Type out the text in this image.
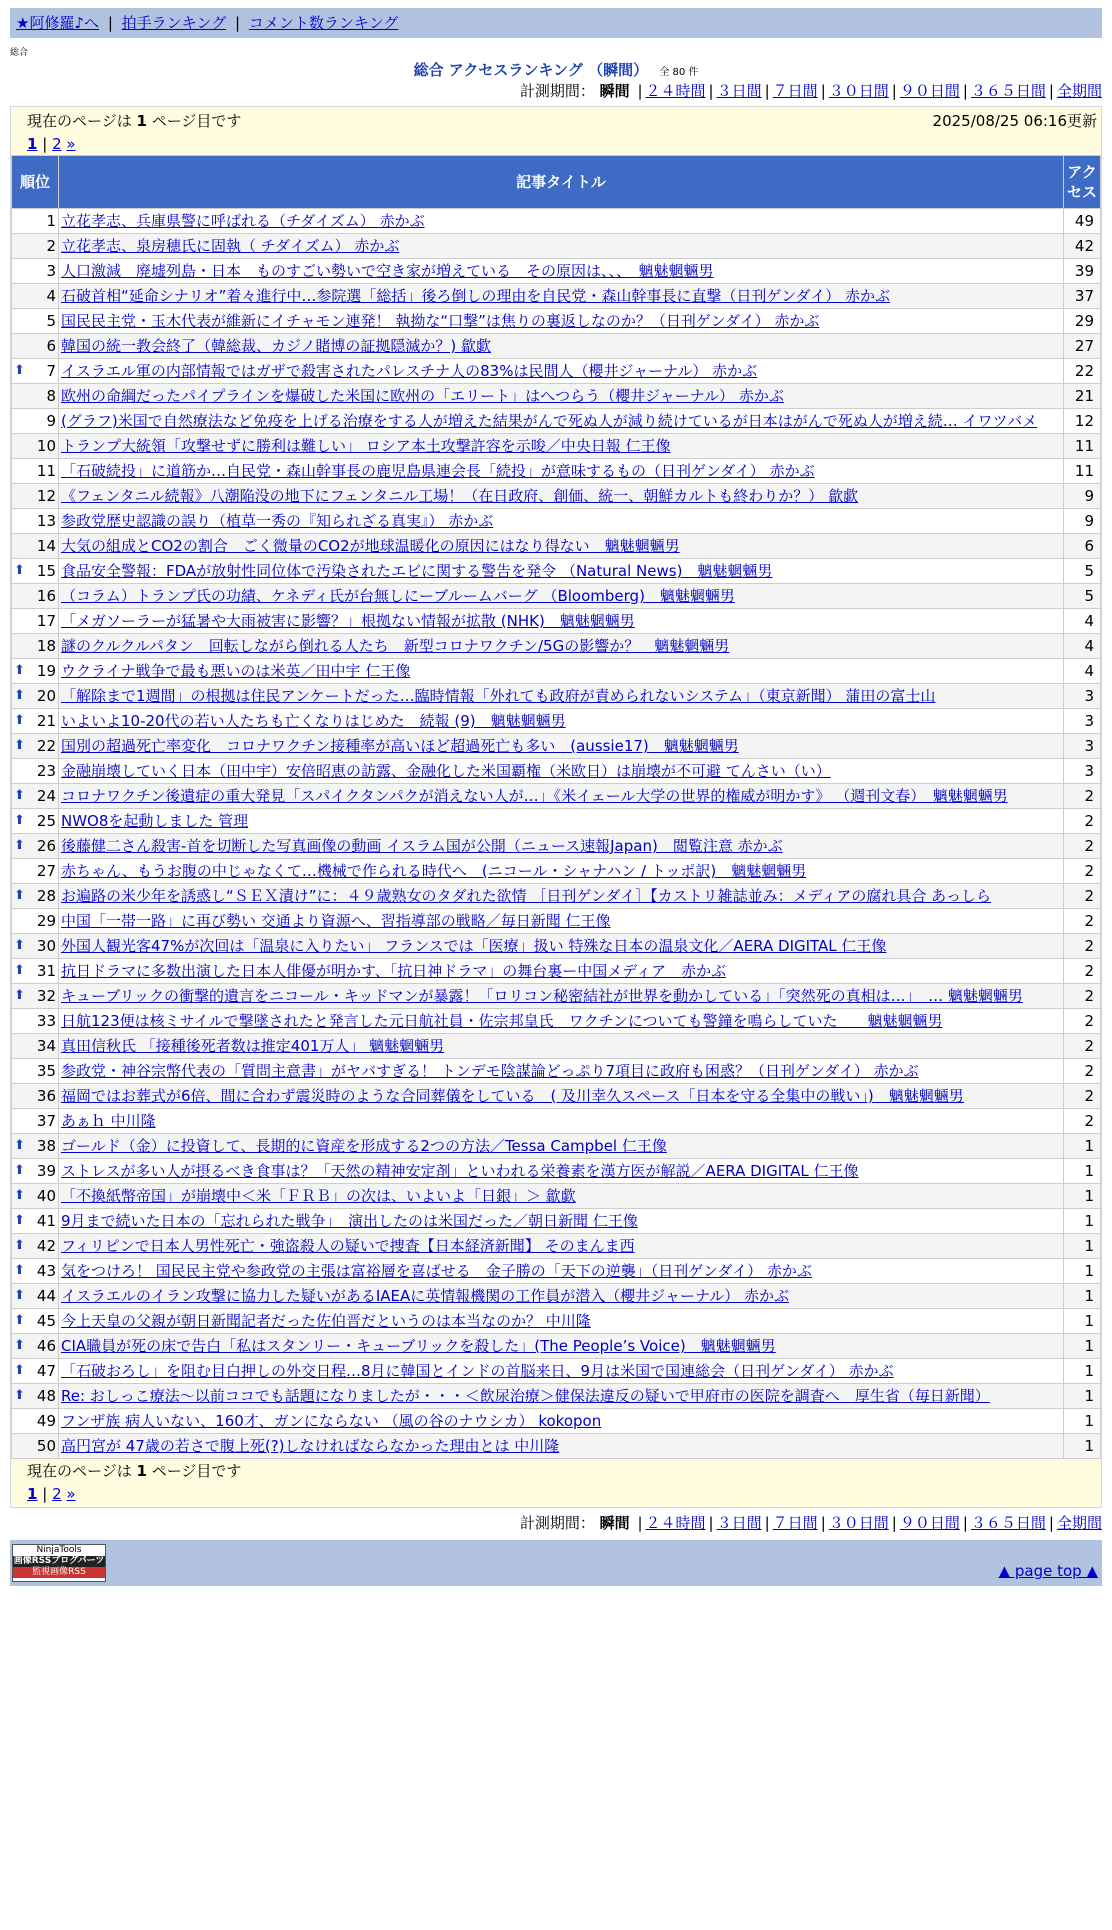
★阿修羅♪へ | 拍手ランキング | コメント数ランキング
総合
総合 アクセスランキング （瞬間） 全 80 件
計測期間： 瞬間 | ２４時間 | ３日間 | ７日間 | ３０日間 | ９０日間 | ３６５日間 | 全期間
現在のページは 1 ページ目です	2025/08/25 06:16更新
1 | 2 »
順位	記事タイトル	アクセス
1	立花孝志、兵庫県警に呼ばれる（チダイズム） 赤かぶ	49
2	立花孝志、泉房穂氏に固執（ チダイズム） 赤かぶ	42
3	人口激減　廃墟列島・日本　ものすごい勢いで空き家が増えている　その原因は、、、　魑魅魍魎男	39
4	石破首相“延命シナリオ”着々進行中…参院選「総括」後ろ倒しの理由を自民党・森山幹事長に直撃（日刊ゲンダイ） 赤かぶ	37
5	国民民主党・玉木代表が維新にイチャモン連発！ 執拗な“口撃”は焦りの裏返しなのか？（日刊ゲンダイ） 赤かぶ	29
6	韓国の統一教会終了（韓総裁、カジノ賭博の証拠隠滅か？) 歙歔	27

⬆ 7	イスラエル軍の内部情報ではガザで殺害されたパレスチナ人の83%は民間人（櫻井ジャーナル） 赤かぶ	22
8	欧州の命綱だったパイプラインを爆破した米国に欧州の「エリート」はへつらう（櫻井ジャーナル） 赤かぶ	21
9	(グラフ)米国で自然療法など免疫を上げる治療をする人が増えた結果がんで死ぬ人が減り続けているが日本はがんで死ぬ人が増え続… イワツバメ	12
10	トランプ大統領「攻撃せずに勝利は難しい」 ロシア本土攻撃許容を示唆／中央日報 仁王像	11
11	「石破続投」に道筋か…自民党・森山幹事長の鹿児島県連会長「続投」が意味するもの（日刊ゲンダイ） 赤かぶ	11
12	《フェンタニル続報》八潮陥没の地下にフェンタニル工場！（在日政府、創価、統一、朝鮮カルトも終わりか？） 歙歔	9
13	参政党歴史認識の誤り（植草一秀の『知られざる真実』） 赤かぶ	9
14	大気の組成とCO2の割合　ごく微量のCO2が地球温暖化の原因にはなり得ない　魑魅魍魎男	6

⬆ 15	食品安全警報：FDAが放射性同位体で汚染されたエビに関する警告を発令 （Natural News)　魑魅魍魎男	5
16	（コラム）トランプ氏の功績、ケネディ氏が台無しにーブルームバーグ （Bloomberg)　魑魅魍魎男	5
17	「メガソーラーが猛暑や大雨被害に影響？」根拠ない情報が拡散 (NHK)　魑魅魍魎男	4
18	謎のクルクルパタン　回転しながら倒れる人たち　新型コロナワクチン/5Gの影響か？　魑魅魍魎男	4

⬆ 19	ウクライナ戦争で最も悪いのは米英／田中宇 仁王像	4

⬆ 20	「解除まで1週間」の根拠は住民アンケートだった…臨時情報「外れても政府が責められないシステム」（東京新聞） 蒲田の富士山	3

⬆ 21	いよいよ10-20代の若い人たちも亡くなりはじめた　続報 (9)　魑魅魍魎男	3

⬆ 22	国別の超過死亡率変化　コロナワクチン接種率が高いほど超過死亡も多い　(aussie17)　魑魅魍魎男	3
23	金融崩壊していく日本（田中宇）安倍昭恵の訪露、金融化した米国覇権（米欧日）は崩壊が不可避 てんさい（い）	3

⬆ 24	コロナワクチン後遺症の重大発見「スパイクタンパクが消えない人が…」《米イェール大学の世界的権威が明かす》 （週刊文春）　魑魅魍魎男	2

⬆ 25	NWO8を起動しました 管理	2

⬆ 26	後藤健二さん殺害-首を切断した写真画像の動画 イスラム国が公開（ニュース速報Japan)　閲覧注意 赤かぶ	2
27	赤ちゃん、もうお腹の中じゃなくて…機械で作られる時代へ　(ニコール・シャナハン / トッポ訳)　魑魅魍魎男	2

⬆ 28	お遍路の米少年を誘惑し“ＳＥＸ漬け”に：４９歳熟女のタダれた欲情 ［日刊ゲンダイ］【カストリ雑誌並み：メディアの腐れ具合 あっしら	2
29	中国「一帯一路」に再び勢い 交通より資源へ、習指導部の戦略／毎日新聞 仁王像	2

⬆ 30	外国人観光客47%が次回は「温泉に入りたい」 フランスでは「医療」扱い 特殊な日本の温泉文化／AERA DIGITAL 仁王像	2

⬆ 31	抗日ドラマに多数出演した日本人俳優が明かす、「抗日神ドラマ」の舞台裏ー中国メディア　赤かぶ	2

⬆ 32	キューブリックの衝撃的遺言をニコール・キッドマンが暴露！「ロリコン秘密結社が世界を動かしている」「突然死の真相は…」　… 魑魅魍魎男	2
33	日航123便は核ミサイルで撃墜されたと発言した元日航社員・佐宗邦皇氏　ワクチンについても警鐘を鳴らしていた　　魑魅魍魎男	2
34	真田信秋氏 「接種後死者数は推定401万人」 魑魅魍魎男	2
35	参政党・神谷宗幣代表の「質問主意書」がヤバすぎる！ トンデモ陰謀論どっぷり7項目に政府も困惑？（日刊ゲンダイ） 赤かぶ	2
36	福岡ではお葬式が6倍、間に合わず震災時のような合同葬儀をしている　( 及川幸久スペース「日本を守る全集中の戦い」)　魑魅魍魎男	2
37	あぁｈ 中川隆	2

⬆ 38	ゴールド（金）に投資して、長期的に資産を形成する2つの方法／Tessa Campbel 仁王像	1

⬆ 39	ストレスが多い人が摂るべき食事は？「天然の精神安定剤」といわれる栄養素を漢方医が解説／AERA DIGITAL 仁王像	1

⬆ 40	「不換紙幣帝国」が崩壊中＜米「ＦＲＢ」の次は、いよいよ「日銀」＞ 歙歔	1

⬆ 41	9月まで続いた日本の「忘れられた戦争」　演出したのは米国だった／朝日新聞 仁王像	1

⬆ 42	フィリピンで日本人男性死亡・強盗殺人の疑いで捜査【日本経済新聞】 そのまんま西	1

⬆ 43	気をつけろ！ 国民民主党や参政党の主張は富裕層を喜ばせる　金子勝の「天下の逆襲」（日刊ゲンダイ） 赤かぶ	1

⬆ 44	イスラエルのイラン攻撃に協力した疑いがあるIAEAに英情報機関の工作員が潜入（櫻井ジャーナル） 赤かぶ	1

⬆ 45	今上天皇の父親が朝日新聞記者だった佐伯晋だというのは本当なのか？ 中川隆	1

⬆ 46	CIA職員が死の床で告白「私はスタンリー・キューブリックを殺した」(The People’s Voice)　魑魅魍魎男	1

⬆ 47	「石破おろし」を阻む目白押しの外交日程…8月に韓国とインドの首脳来日、9月は米国で国連総会（日刊ゲンダイ） 赤かぶ	1

⬆ 48	Re: おしっこ療法～以前ココでも話題になりましたが・・・＜飲尿治療＞健保法違反の疑いで甲府市の医院を調査へ　厚生省（毎日新聞）	1
49	フンザ族 病人いない、160才、ガンにならない （風の谷のナウシカ） kokopon	1
50	高円宮が 47歳の若さで腹上死(?)しなければならなかった理由とは 中川隆	1
現在のページは 1 ページ目です
1 | 2 »
計測期間： 瞬間 | ２４時間 | ３日間 | ７日間 | ３０日間 | ９０日間 | ３６５日間 | 全期間
NinjaTools
画像RSSブログパーツ
監視画像RSS	▲ page top ▲
